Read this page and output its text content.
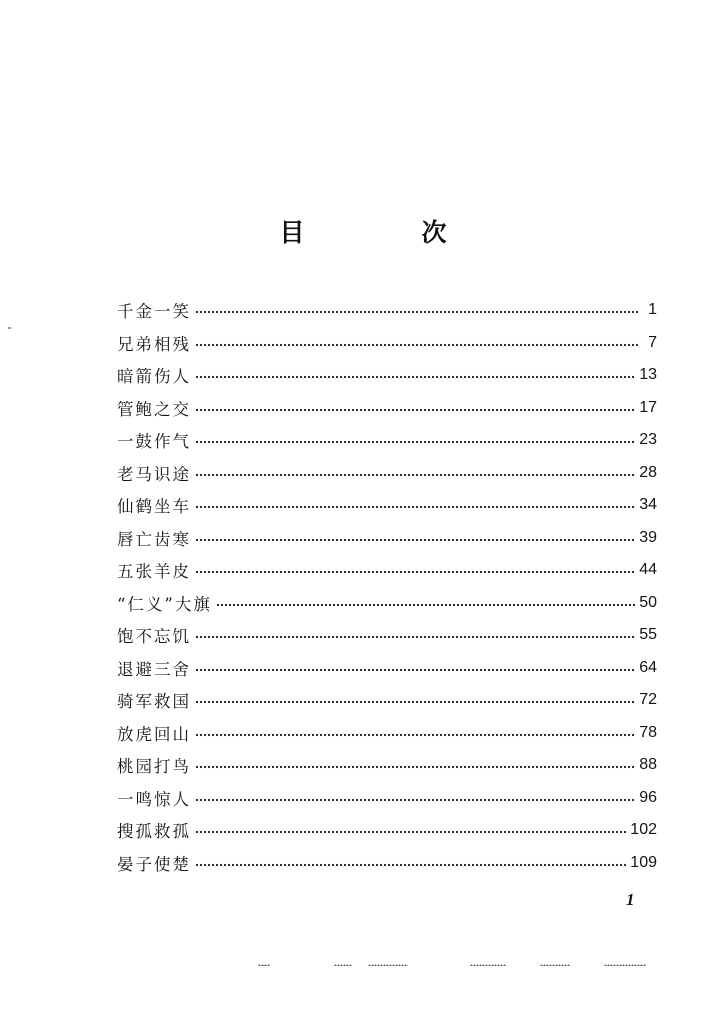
目　次
千金一笑	1
兄弟相残	7
暗箭伤人	13
管鲍之交	17
一鼓作气	23
老马识途	28
仙鹤坐车	34
唇亡齿寒	39
五张羊皮	44
“仁义”大旗	50
饱不忘饥	55
退避三舍	64
骑军救国	72
放虎回山	78
桃园打鸟	88
一鸣惊人	96
搜孤救孤	102
晏子使楚	109
1
